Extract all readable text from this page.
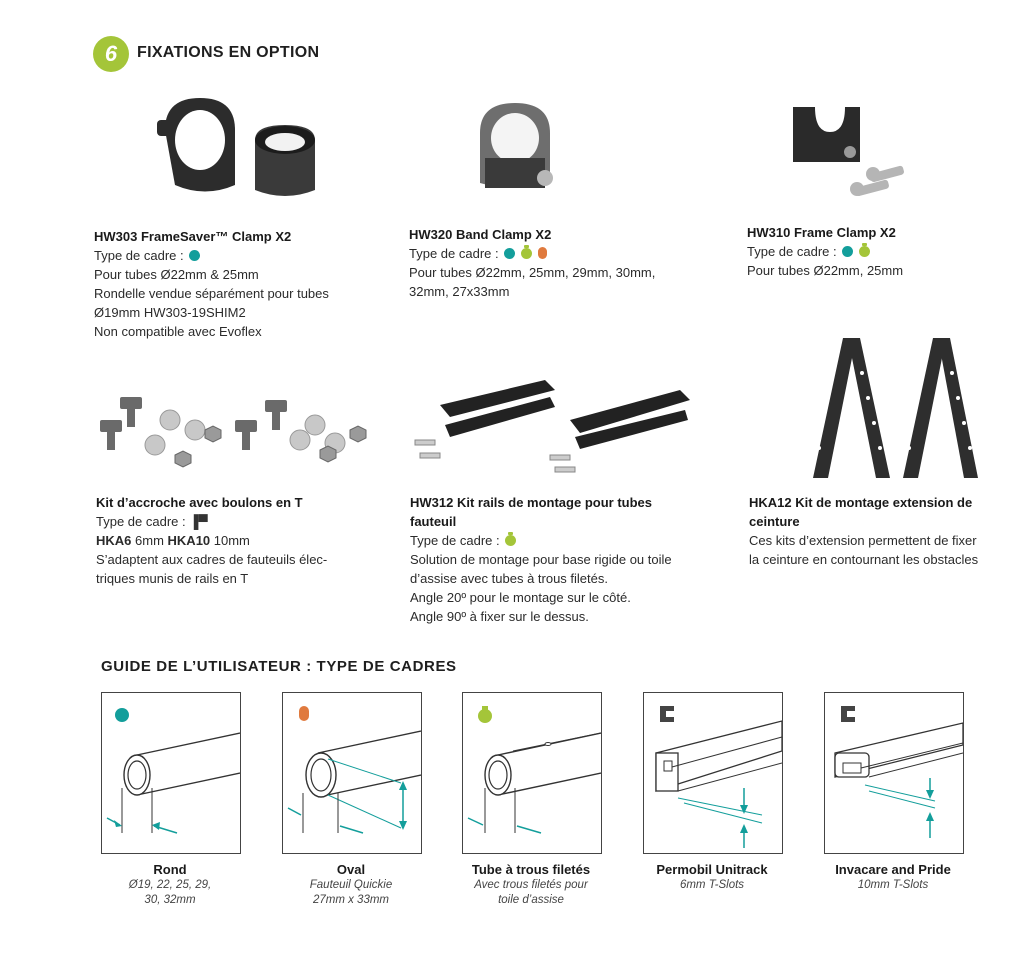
6	FIXATIONS EN OPTION
HW303 FrameSaver™ Clamp X2
Type de cadre :
Pour tubes Ø22mm & 25mm
Rondelle vendue séparément pour tubes
Ø19mm HW303-19SHIM2
Non compatible avec Evoflex
HW320 Band Clamp X2
Type de cadre :
Pour tubes Ø22mm, 25mm, 29mm, 30mm,
32mm, 27x33mm
HW310 Frame Clamp X2
Type de cadre :
Pour tubes Ø22mm, 25mm
Kit d’accroche avec boulons en T
Type de cadre : ▐▀
HKA6 6mm HKA10 10mm
S’adaptent aux cadres de fauteuils élec-
triques munis de rails en T
HW312 Kit rails de montage pour tubes
fauteuil
Type de cadre :
Solution de montage pour base rigide ou toile
d’assise avec tubes à trous filetés.
Angle 20º pour le montage sur le côté.
Angle 90º à fixer sur le dessus.
HKA12 Kit de montage extension de
ceinture
Ces kits d’extension permettent de fixer
la ceinture en contournant les obstacles
GUIDE DE L’UTILISATEUR : TYPE DE CADRES
Rond
Ø19, 22, 25, 29,
30, 32mm
Oval
Fauteuil Quickie
27mm x 33mm
Tube à trous filetés
Avec trous filetés pour
toile d’assise
Permobil Unitrack
6mm T-Slots
Invacare and Pride
10mm T-Slots
